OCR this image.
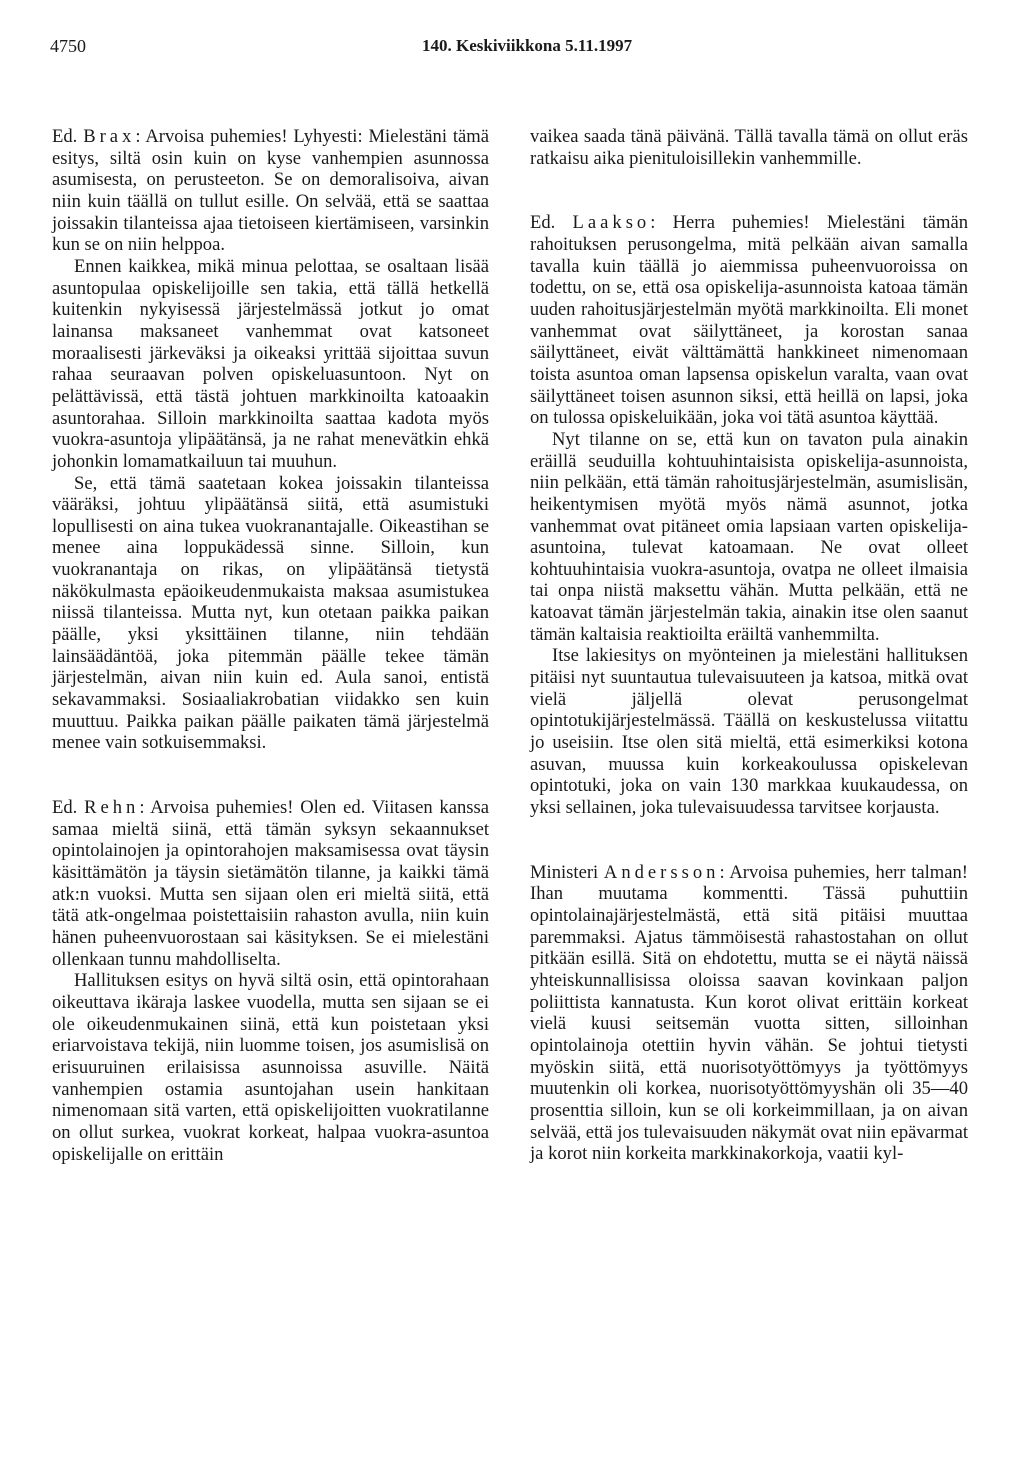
4750	140. Keskiviikkona 5.11.1997

Ed. Brax: Arvoisa puhemies! Lyhyesti: Mielestäni tämä esitys, siltä osin kuin on kyse vanhempien asunnossa asumisesta, on perusteeton. Se on demoralisoiva, aivan niin kuin täällä on tullut esille. On selvää, että se saattaa joissakin tilanteissa ajaa tietoiseen kiertämiseen, varsinkin kun se on niin helppoa.

Ennen kaikkea, mikä minua pelottaa, se osaltaan lisää asuntopulaa opiskelijoille sen takia, että tällä hetkellä kuitenkin nykyisessä järjestelmässä jotkut jo omat lainansa maksaneet vanhemmat ovat katsoneet moraalisesti järkeväksi ja oikeaksi yrittää sijoittaa suvun rahaa seuraavan polven opiskeluasuntoon. Nyt on pelättävissä, että tästä johtuen markkinoilta katoaakin asuntorahaa. Silloin markkinoilta saattaa kadota myös vuokra-asuntoja ylipäätänsä, ja ne rahat menevätkin ehkä johonkin lomamatkailuun tai muuhun.

Se, että tämä saatetaan kokea joissakin tilanteissa vääräksi, johtuu ylipäätänsä siitä, että asumistuki lopullisesti on aina tukea vuokranantajalle. Oikeastihan se menee aina loppukädessä sinne. Silloin, kun vuokranantaja on rikas, on ylipäätänsä tietystä näkökulmasta epäoikeudenmukaista maksaa asumistukea niissä tilanteissa. Mutta nyt, kun otetaan paikka paikan päälle, yksi yksittäinen tilanne, niin tehdään lainsäädäntöä, joka pitemmän päälle tekee tämän järjestelmän, aivan niin kuin ed. Aula sanoi, entistä sekavammaksi. Sosiaaliakrobatian viidakko sen kuin muuttuu. Paikka paikan päälle paikaten tämä järjestelmä menee vain sotkuisemmaksi.

Ed. Rehn: Arvoisa puhemies! Olen ed. Viitasen kanssa samaa mieltä siinä, että tämän syksyn sekaannukset opintolainojen ja opintorahojen maksamisessa ovat täysin käsittämätön ja täysin sietämätön tilanne, ja kaikki tämä atk:n vuoksi. Mutta sen sijaan olen eri mieltä siitä, että tätä atk-ongelmaa poistettaisiin rahaston avulla, niin kuin hänen puheenvuorostaan sai käsityksen. Se ei mielestäni ollenkaan tunnu mahdolliselta.

Hallituksen esitys on hyvä siltä osin, että opintorahaan oikeuttava ikäraja laskee vuodella, mutta sen sijaan se ei ole oikeudenmukainen siinä, että kun poistetaan yksi eriarvoistava tekijä, niin luomme toisen, jos asumislisä on erisuuruinen erilaisissa asunnoissa asuville. Näitä vanhempien ostamia asuntojahan usein hankitaan nimenomaan sitä varten, että opiskelijoitten vuokratilanne on ollut surkea, vuokrat korkeat, halpaa vuokra-asuntoa opiskelijalle on erittäin

vaikea saada tänä päivänä. Tällä tavalla tämä on ollut eräs ratkaisu aika pienituloisillekin vanhemmille.

Ed. Laakso: Herra puhemies! Mielestäni tämän rahoituksen perusongelma, mitä pelkään aivan samalla tavalla kuin täällä jo aiemmissa puheenvuoroissa on todettu, on se, että osa opiskelija-asunnoista katoaa tämän uuden rahoitusjärjestelmän myötä markkinoilta. Eli monet vanhemmat ovat säilyttäneet, ja korostan sanaa säilyttäneet, eivät välttämättä hankkineet nimenomaan toista asuntoa oman lapsensa opiskelun varalta, vaan ovat säilyttäneet toisen asunnon siksi, että heillä on lapsi, joka on tulossa opiskeluikään, joka voi tätä asuntoa käyttää.

Nyt tilanne on se, että kun on tavaton pula ainakin eräillä seuduilla kohtuuhintaisista opiskelija-asunnoista, niin pelkään, että tämän rahoitusjärjestelmän, asumislisän, heikentymisen myötä myös nämä asunnot, jotka vanhemmat ovat pitäneet omia lapsiaan varten opiskelija-asuntoina, tulevat katoamaan. Ne ovat olleet kohtuuhintaisia vuokra-asuntoja, ovatpa ne olleet ilmaisia tai onpa niistä maksettu vähän. Mutta pelkään, että ne katoavat tämän järjestelmän takia, ainakin itse olen saanut tämän kaltaisia reaktioilta eräiltä vanhemmilta.

Itse lakiesitys on myönteinen ja mielestäni hallituksen pitäisi nyt suuntautua tulevaisuuteen ja katsoa, mitkä ovat vielä jäljellä olevat perusongelmat opintotukijärjestelmässä. Täällä on keskustelussa viitattu jo useisiin. Itse olen sitä mieltä, että esimerkiksi kotona asuvan, muussa kuin korkeakoulussa opiskelevan opintotuki, joka on vain 130 markkaa kuukaudessa, on yksi sellainen, joka tulevaisuudessa tarvitsee korjausta.

Ministeri Andersson: Arvoisa puhemies, herr talman! Ihan muutama kommentti. Tässä puhuttiin opintolainajärjestelmästä, että sitä pitäisi muuttaa paremmaksi. Ajatus tämmöisestä rahastostahan on ollut pitkään esillä. Sitä on ehdotettu, mutta se ei näytä näissä yhteiskunnallisissa oloissa saavan kovinkaan paljon poliittista kannatusta. Kun korot olivat erittäin korkeat vielä kuusi seitsemän vuotta sitten, silloinhan opintolainoja otettiin hyvin vähän. Se johtui tietysti myöskin siitä, että nuorisotyöttömyys ja työttömyys muutenkin oli korkea, nuorisotyöttömyyshän oli 35—40 prosenttia silloin, kun se oli korkeimmillaan, ja on aivan selvää, että jos tulevaisuuden näkymät ovat niin epävarmat ja korot niin korkeita markkinakorkoja, vaatii kyl-
